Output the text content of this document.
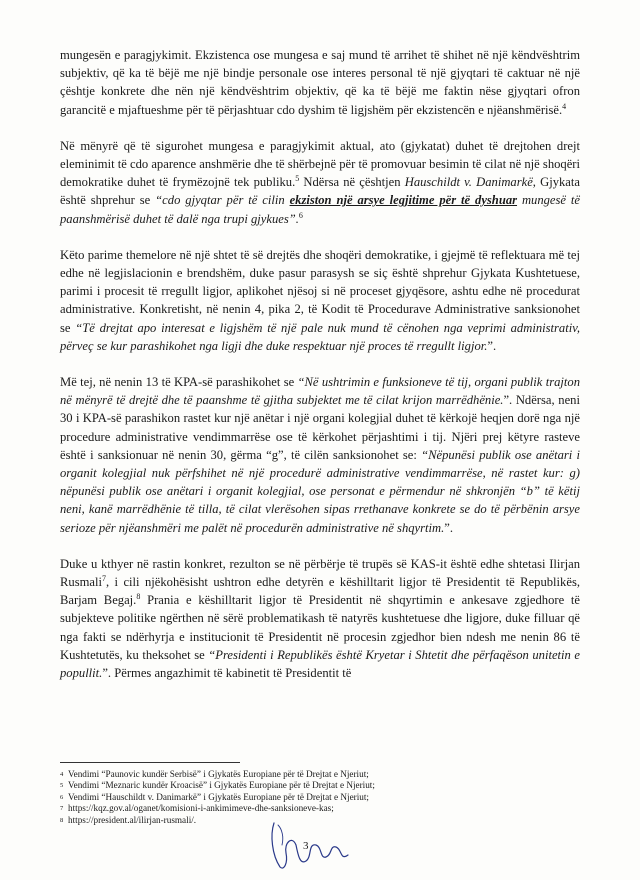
mungesën e paragjykimit. Ekzistenca ose mungesa e saj mund të arrihet të shihet në një këndvështrim subjektiv, që ka të bëjë me një bindje personale ose interes personal të një gjyqtari të caktuar në një çështje konkrete dhe nën një këndvështrim objektiv, që ka të bëjë me faktin nëse gjyqtari ofron garancitë e mjaftueshme për të përjashtuar cdo dyshim të ligjshëm për ekzistencën e njëanshmërisë.$^4$

Në mënyrë që të sigurohet mungesa e paragjykimit aktual, ato (gjykatat) duhet të drejtohen drejt eleminimit të cdo aparence anshmërie dhe të shërbejnë për të promovuar besimin të cilat në një shoqëri demokratike duhet të frymëzojnë tek publiku.$^5$ Ndërsa në çështjen Hauschildt v. Danimarkë, Gjykata është shprehur se “cdo gjyqtar për të cilin ekziston një arsye legjitime për të dyshuar mungesë të paanshmërisë duhet të dalë nga trupi gjykues”.$^6$

Këto parime themelore në një shtet të së drejtës dhe shoqëri demokratike, i gjejmë të reflektuara më tej edhe në legjislacionin e brendshëm, duke pasur parasysh se siç është shprehur Gjykata Kushtetuese, parimi i procesit të rregullt ligjor, aplikohet njësoj si në proceset gjyqësore, ashtu edhe në procedurat administrative. Konkretisht, në nenin 4, pika 2, të Kodit të Procedurave Administrative sanksionohet se “Të drejtat apo interesat e ligjshëm të një pale nuk mund të cënohen nga veprimi administrativ, përveç se kur parashikohet nga ligji dhe duke respektuar një proces të rregullt ligjor.”.

Më tej, në nenin 13 të KPA-së parashikohet se “Në ushtrimin e funksioneve të tij, organi publik trajton në mënyrë të drejtë dhe të paanshme të gjitha subjektet me të cilat krijon marrëdhënie.”. Ndërsa, neni 30 i KPA-së parashikon rastet kur një anëtar i një organi kolegjial duhet të kërkojë heqjen dorë nga një procedure administrative vendimmarrëse ose të kërkohet përjashtimi i tij. Njëri prej këtyre rasteve është i sanksionuar në nenin 30, gërma “g”, të cilën sanksionohet se: “Nëpunësi publik ose anëtari i organit kolegjial nuk përfshihet në një procedurë administrative vendimmarrëse, në rastet kur: g) nëpunësi publik ose anëtari i organit kolegjial, ose personat e përmendur në shkronjën “b” të këtij neni, kanë marrëdhënie të tilla, të cilat vlerësohen sipas rrethanave konkrete se do të përbënin arsye serioze për njëanshmëri me palët në procedurën administrative në shqyrtim.”.

Duke u kthyer në rastin konkret, rezulton se në përbërje të trupës së KAS-it është edhe shtetasi Ilirjan Rusmali$^7$, i cili njëkohësisht ushtron edhe detyrën e këshilltarit ligjor të Presidentit të Republikës, Barjam Begaj.$^8$ Prania e këshilltarit ligjor të Presidentit në shqyrtimin e ankesave zgjedhore të subjekteve politike ngërthen në sërë problematikash të natyrës kushtetuese dhe ligjore, duke filluar që nga fakti se ndërhyrja e institucionit të Presidentit në procesin zgjedhor bien ndesh me nenin 86 të Kushtetutës, ku theksohet se “Presidenti i Republikës është Kryetar i Shtetit dhe përfaqëson unitetin e popullit.”. Përmes angazhimit të kabinetit të Presidentit të

4 Vendimi “Paunovic kundër Serbisë” i Gjykatës Europiane për të Drejtat e Njeriut;
5 Vendimi “Meznaric kundër Kroacisë” i Gjykatës Europiane për të Drejtat e Njeriut;
6 Vendimi “Hauschildt v. Danimarkë” i Gjykatës Europiane për të Drejtat e Njeriut;
7 https://kqz.gov.al/oganet/komisioni-i-ankimimeve-dhe-sanksioneve-kas;
8 https://president.al/ilirjan-rusmali/.
3
